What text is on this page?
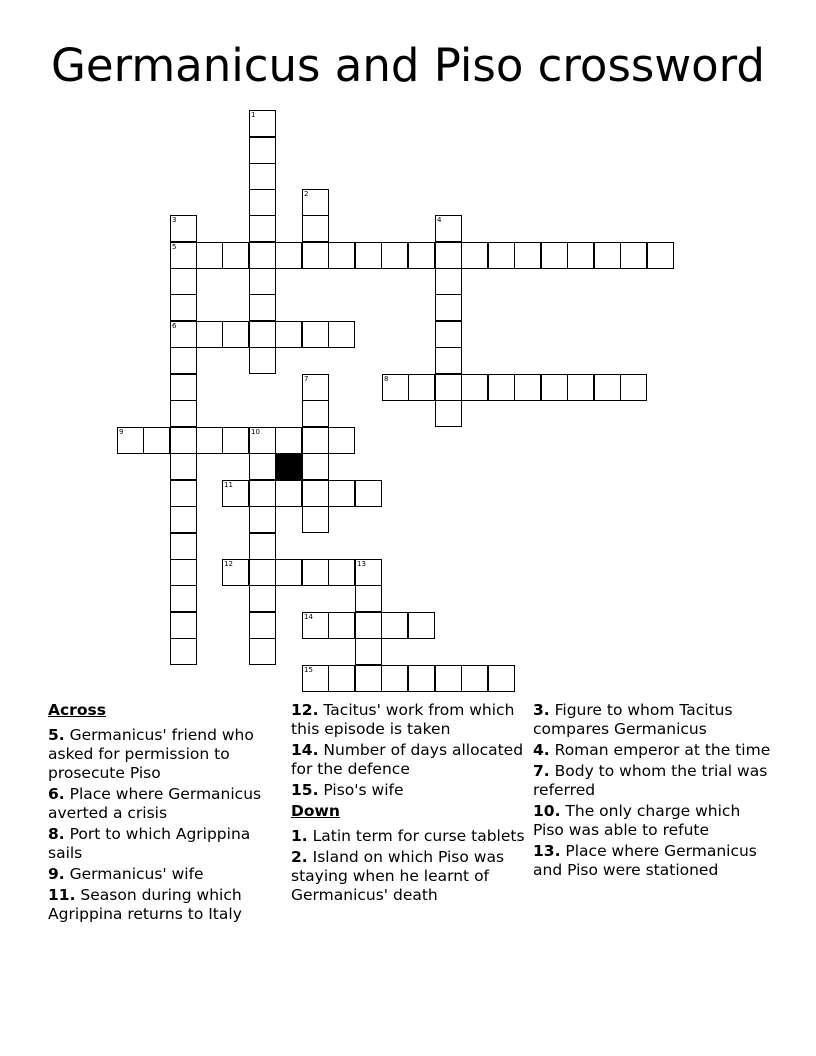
Germanicus and Piso crossword
1
2
3	4
5
6
7	8
9	10
11
12	13
14
15
Across
5. Germanicus' friend who asked for permission to prosecute Piso
6. Place where Germanicus averted a crisis
8. Port to which Agrippina sails
9. Germanicus' wife
11. Season during which Agrippina returns to Italy
12. Tacitus' work from which this episode is taken
14. Number of days allocated for the defence
15. Piso's wife
Down
1. Latin term for curse tablets
2. Island on which Piso was staying when he learnt of Germanicus' death
3. Figure to whom Tacitus compares Germanicus
4. Roman emperor at the time
7. Body to whom the trial was referred
10. The only charge which Piso was able to refute
13. Place where Germanicus and Piso were stationed
